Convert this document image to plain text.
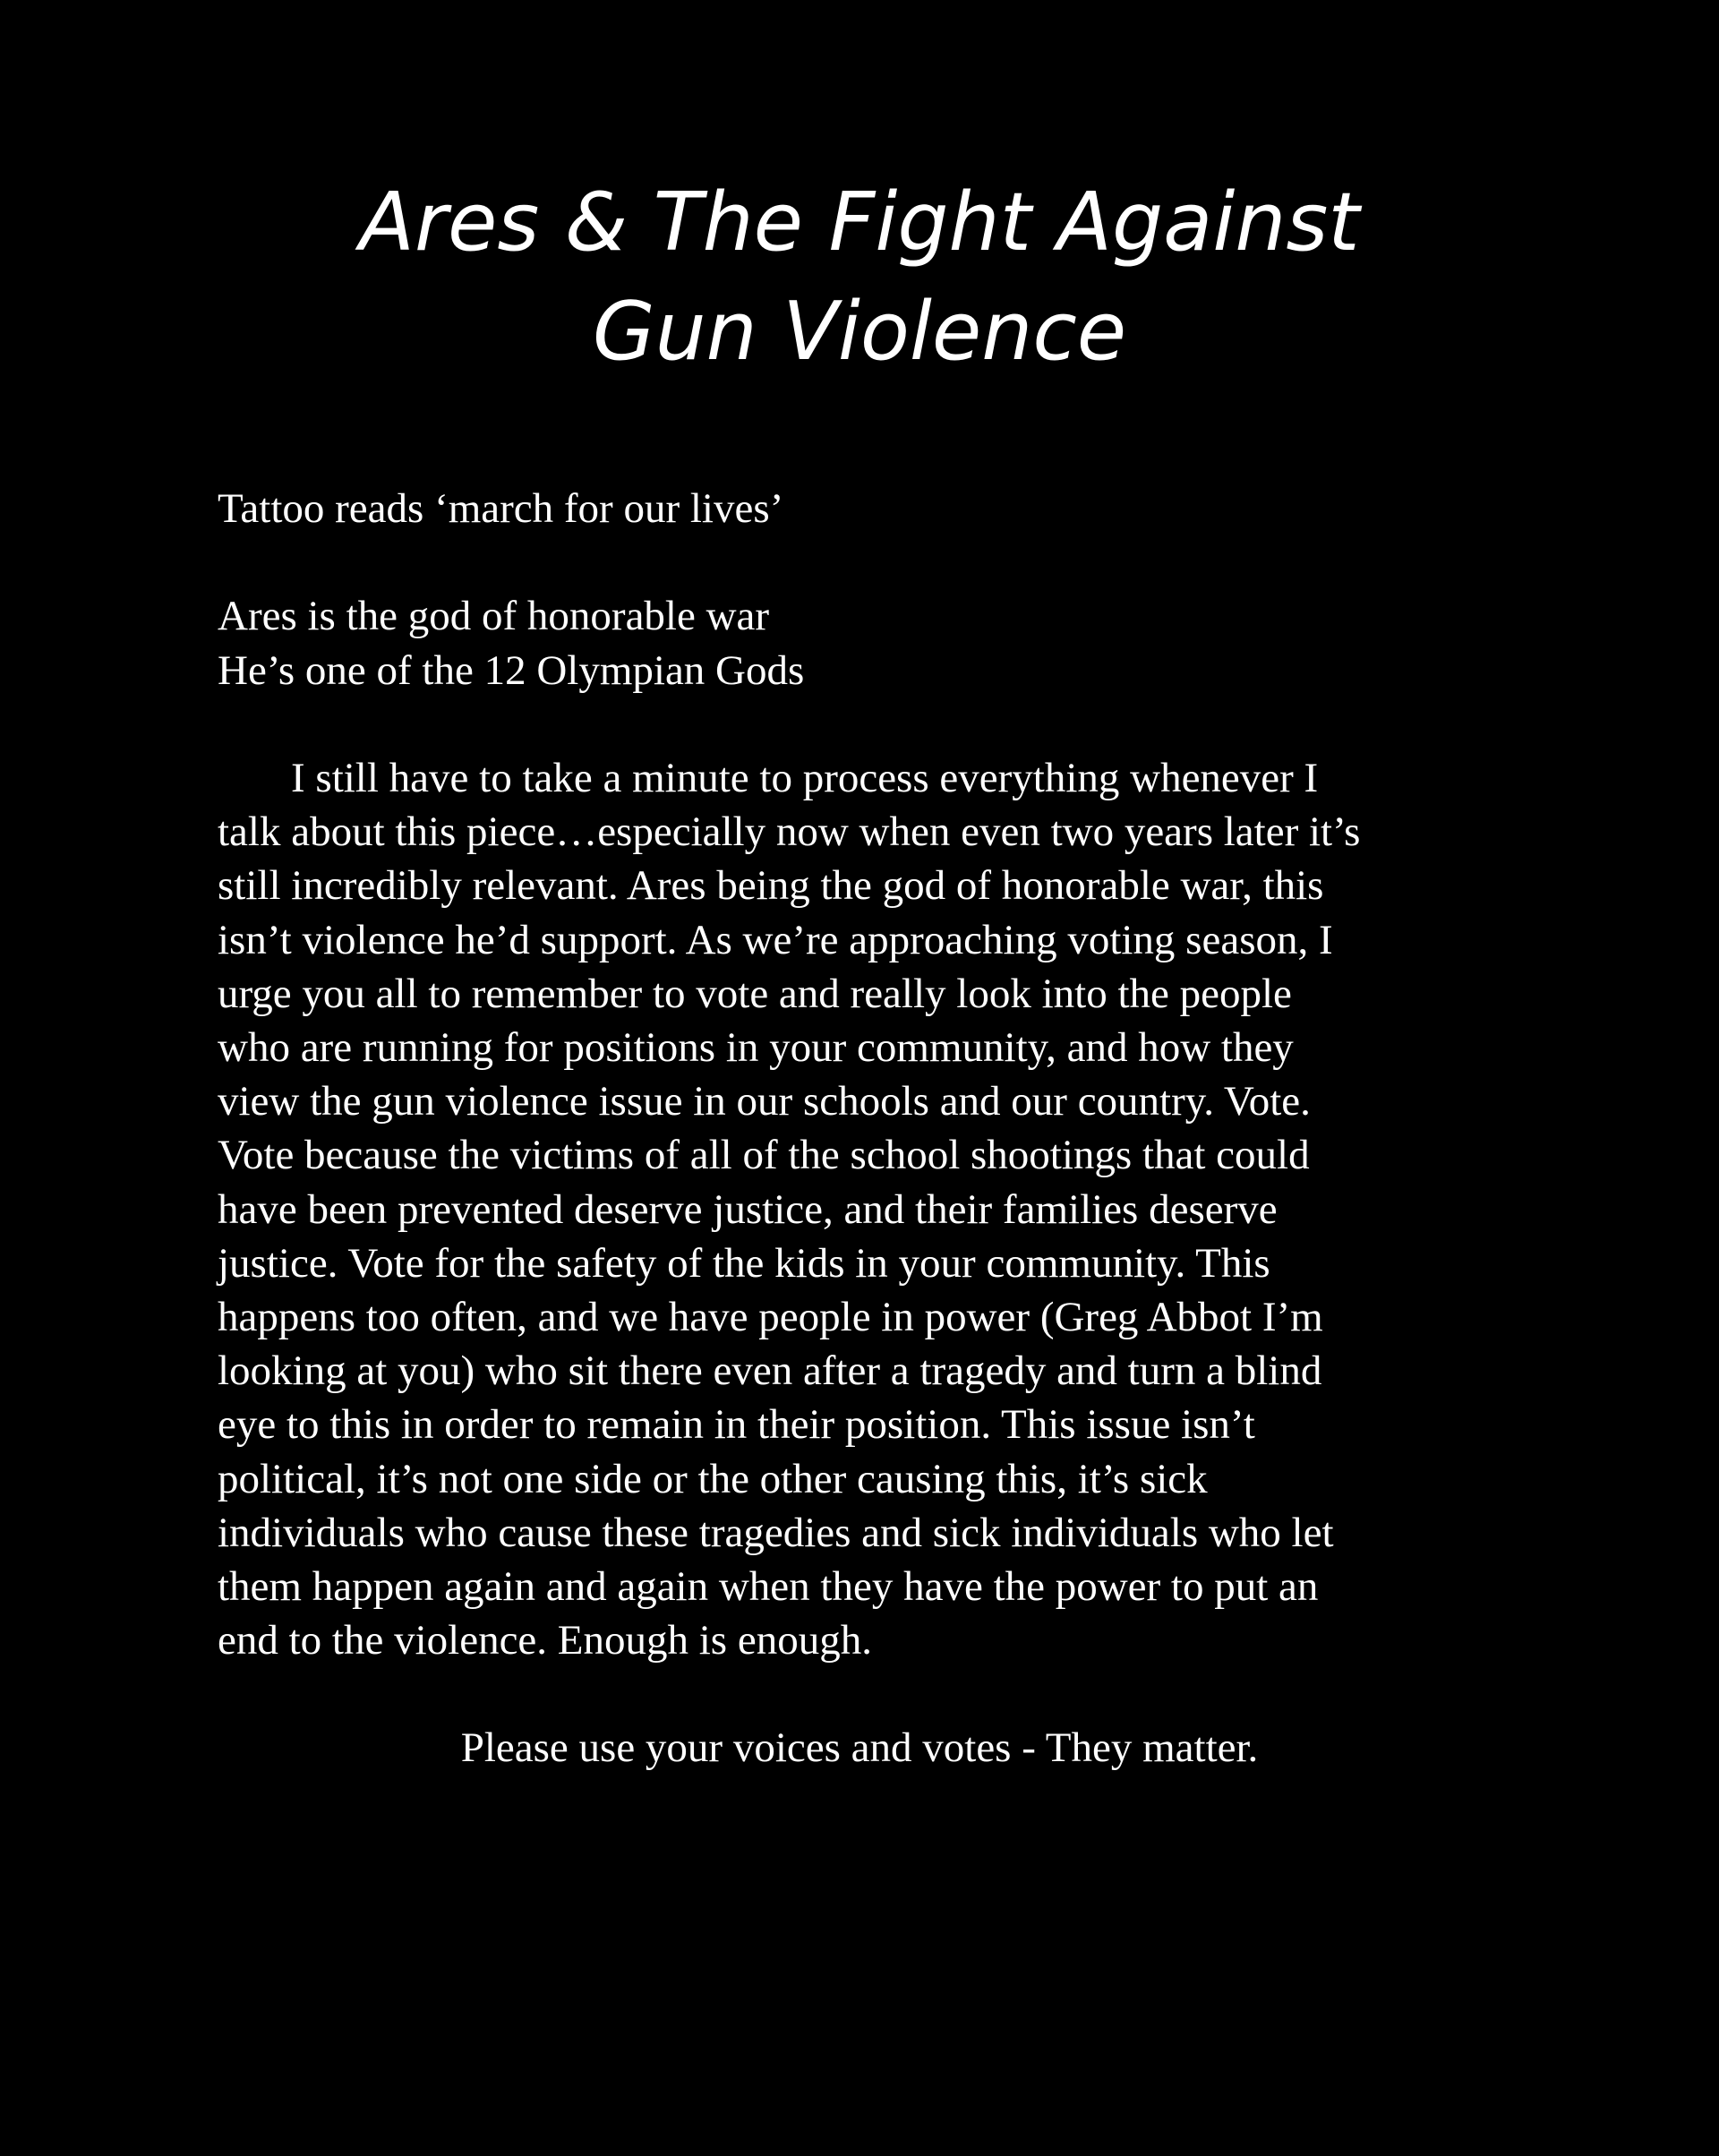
Ares & The Fight Against
Gun Violence

Tattoo reads ‘march for our lives’

Ares is the god of honorable war

He’s one of the 12 Olympian Gods

I still have to take a minute to process everything whenever I
talk about this piece…especially now when even two years later it’s
still incredibly relevant. Ares being the god of honorable war, this
isn’t violence he’d support. As we’re approaching voting season, I
urge you all to remember to vote and really look into the people
who are running for positions in your community, and how they
view the gun violence issue in our schools and our country. Vote.
Vote because the victims of all of the school shootings that could
have been prevented deserve justice, and their families deserve
justice. Vote for the safety of the kids in your community. This
happens too often, and we have people in power (Greg Abbot I’m
looking at you) who sit there even after a tragedy and turn a blind
eye to this in order to remain in their position. This issue isn’t
political, it’s not one side or the other causing this, it’s sick
individuals who cause these tragedies and sick individuals who let
them happen again and again when they have the power to put an
end to the violence. Enough is enough.

Please use your voices and votes - They matter.
